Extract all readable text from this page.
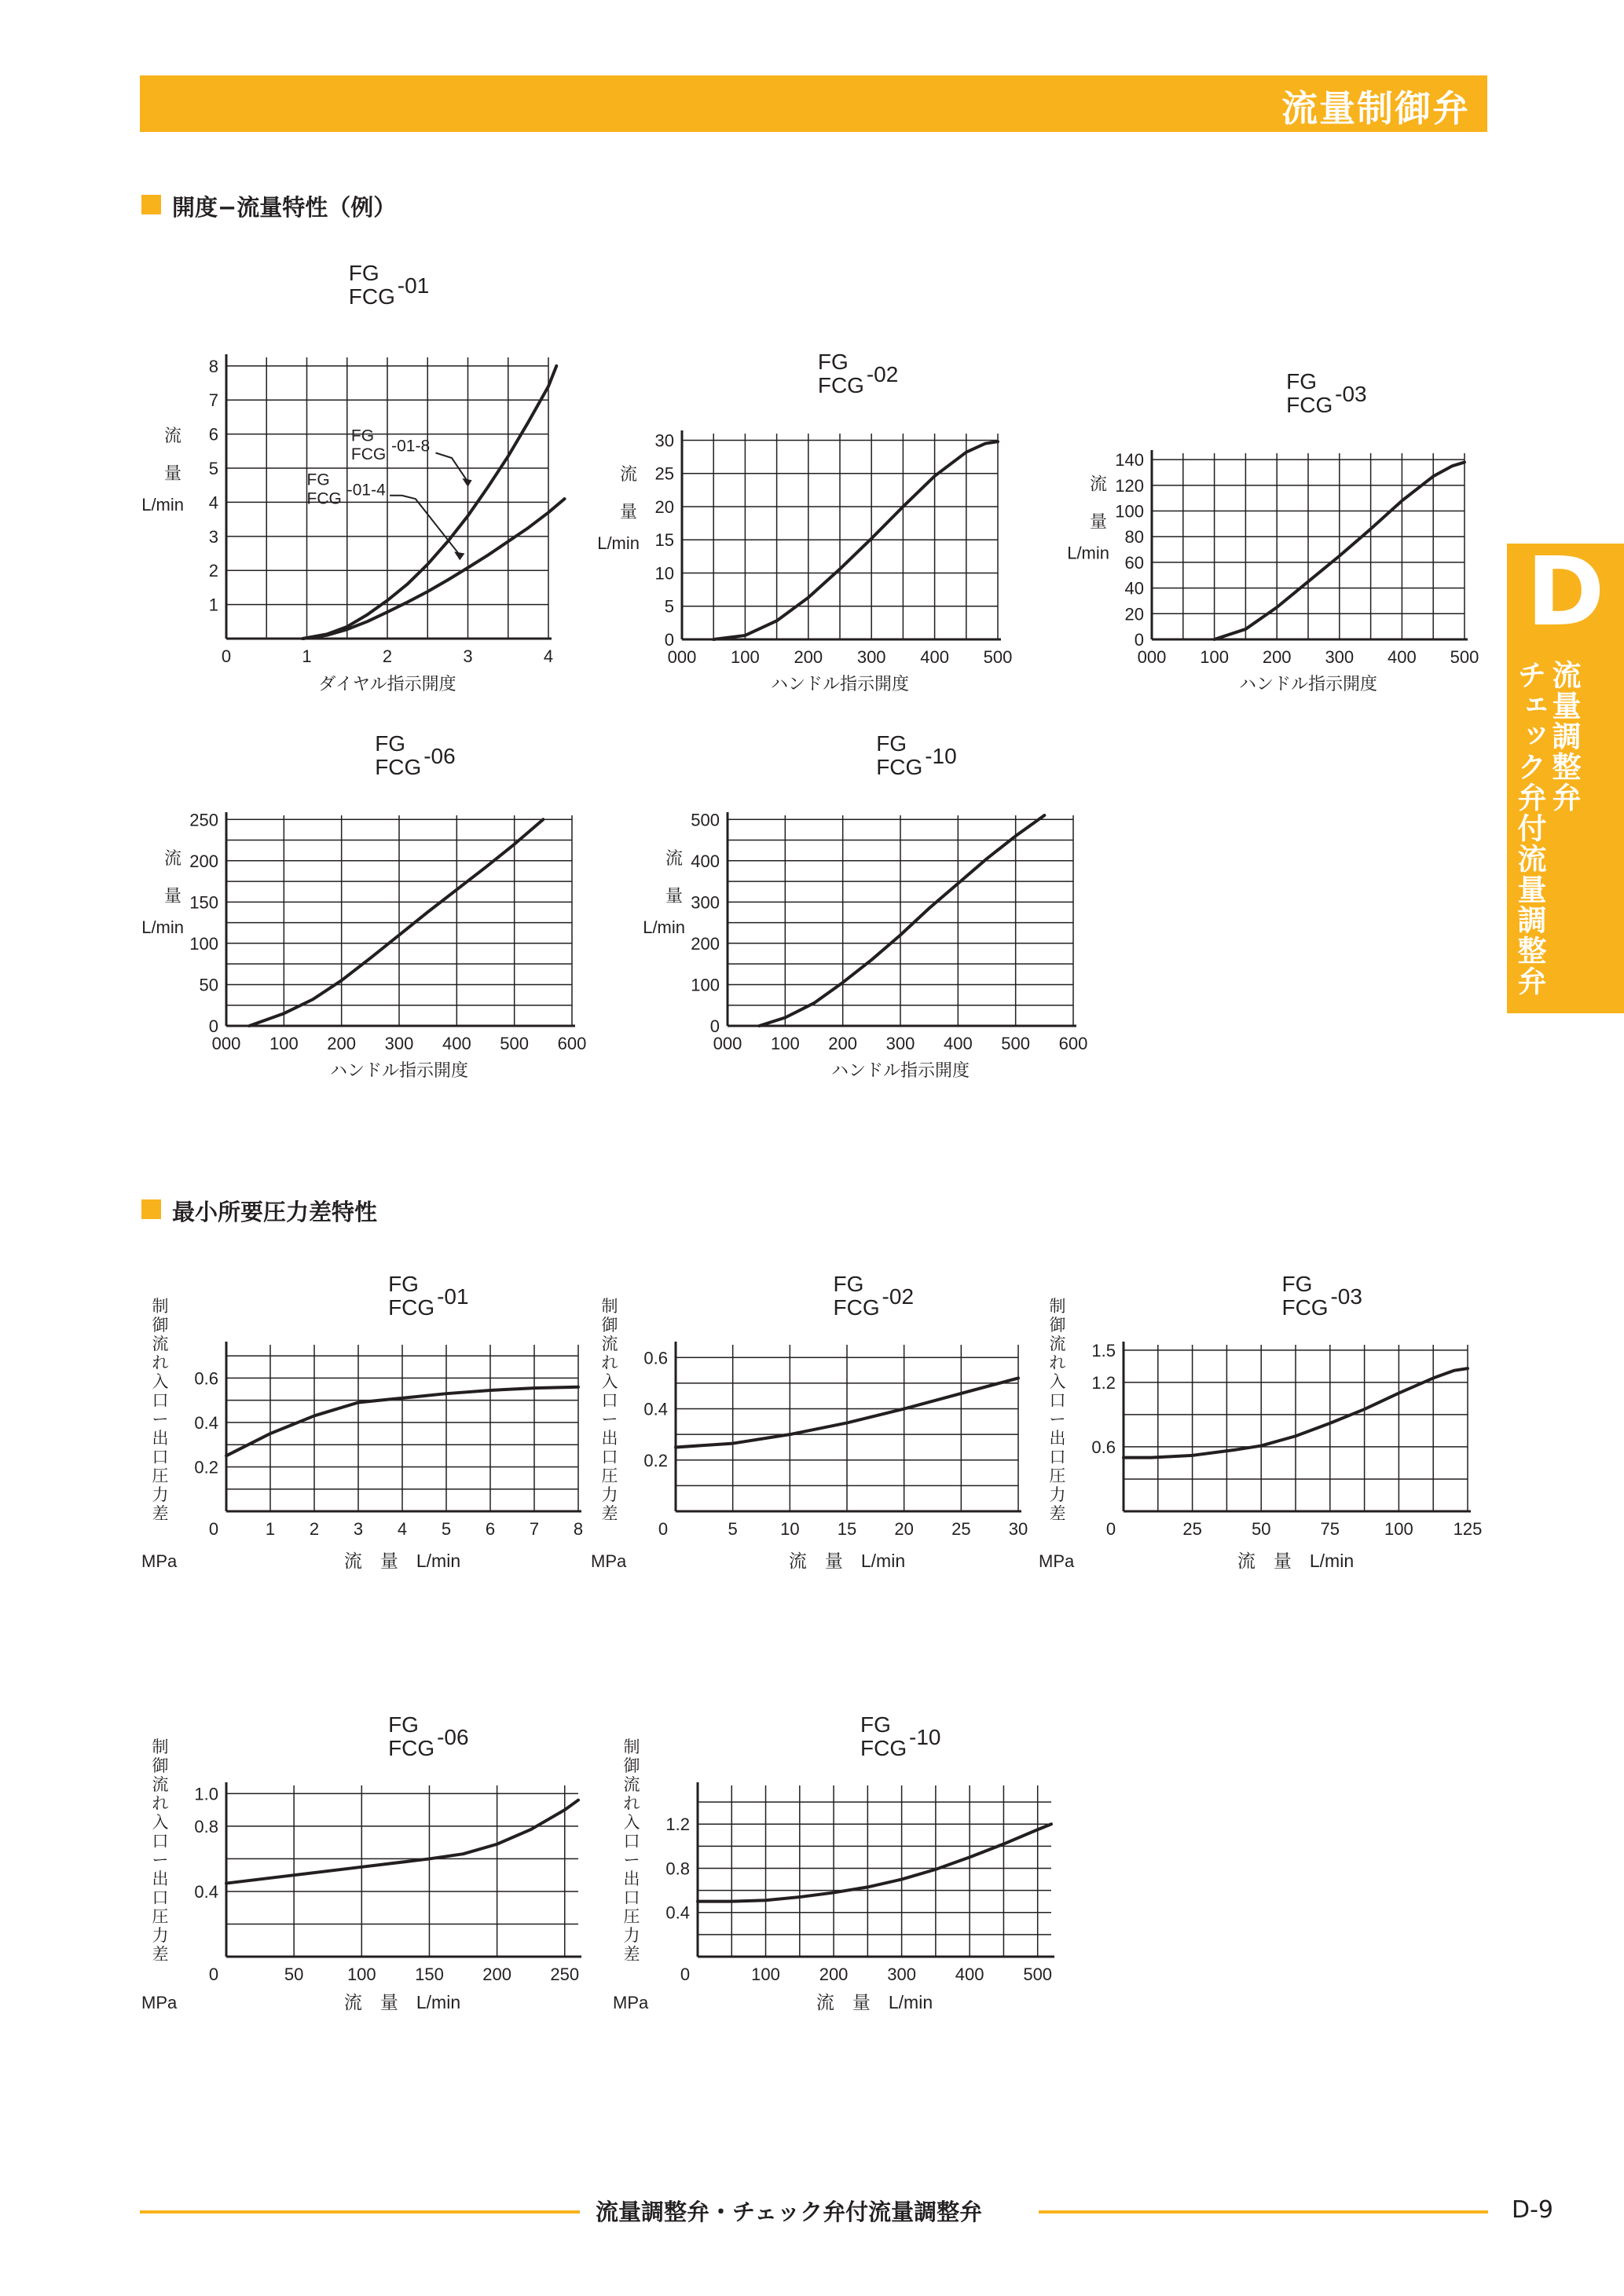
流量制御弁
開度−流量特性（例）
最小所要圧力差特性
D
流量調整弁
チェック弁付流量調整弁
0	1	2	3	4
1
2
3
4
5
6
7
8
FG
FCG -01
ダイヤル指示開度
流
量
L/min
FG
FCG -01-8
FG
FCG -01-4
000 100 200 300 400 500
0
5
10
15
20
25
30
FG
FCG -02
ハンドル指示開度
流
量
L/min
000 100 200 300 400 500
0
20
40
60
80
100
120
140
FG
FCG -03
ハンドル指示開度
流
量
L/min
000 100 200 300 400 500 600
0
50
100
150
200
250
FG
FCG -06
ハンドル指示開度
流
量
L/min
000 100 200 300 400 500 600
0
100
200
300
400
500
FG
FCG -10
ハンドル指示開度
流
量
L/min
0	1 2 3 4 5 6 7 8
0.2
0.4
0.6
FG
FCG -01
流　量　L/min
制
御
流
れ
入
口
ー
出
口
圧
力
差
MPa
0	5 10 15 20 25 30
0.2
0.4
0.6
FG
FCG -02
流　量　L/min
制
御
流
れ
入
口
ー
出
口
圧
力
差
MPa
0	25	50	75	100 125
0.6
1.2
1.5
FG
FCG -03
流　量　L/min
制
御
流
れ
入
口
ー
出
口
圧
力
差
MPa
0	50	100 150 200 250
0.4
0.8
1.0
FG
FCG -06
流　量　L/min
制
御
流
れ
入
口
ー
出
口
圧
力
差
MPa
0	100 200 300 400 500
0.4
0.8
1.2
FG
FCG -10
流　量　L/min
制
御
流
れ
入
口
ー
出
口
圧
力
差
MPa
流量調整弁・チェック弁付流量調整弁	D-9
